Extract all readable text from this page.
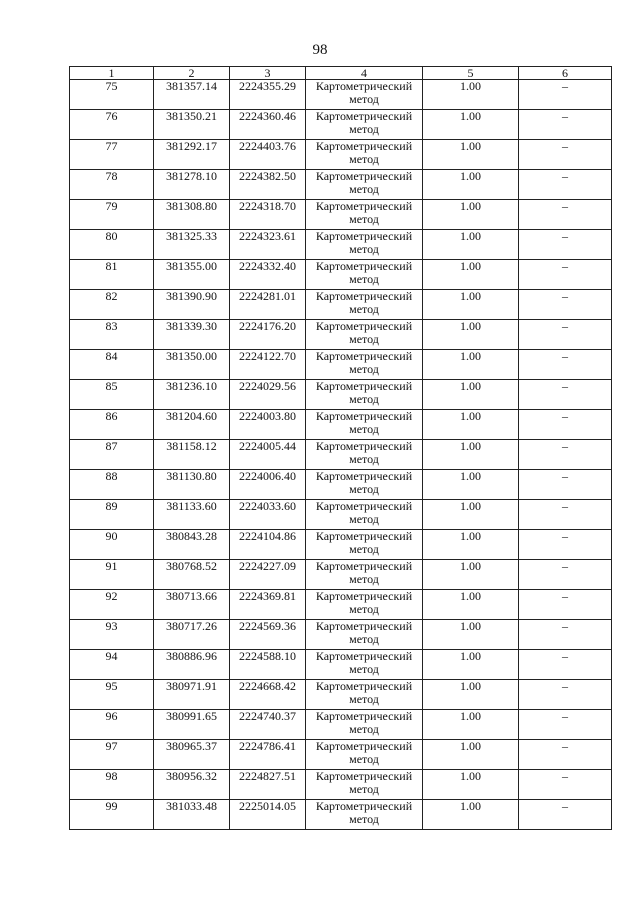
98
1	2	3	4	5	6
75	381357.14	2224355.29	Картометрический метод	1.00	–
76	381350.21	2224360.46	Картометрический метод	1.00	–
77	381292.17	2224403.76	Картометрический метод	1.00	–
78	381278.10	2224382.50	Картометрический метод	1.00	–
79	381308.80	2224318.70	Картометрический метод	1.00	–
80	381325.33	2224323.61	Картометрический метод	1.00	–
81	381355.00	2224332.40	Картометрический метод	1.00	–
82	381390.90	2224281.01	Картометрический метод	1.00	–
83	381339.30	2224176.20	Картометрический метод	1.00	–
84	381350.00	2224122.70	Картометрический метод	1.00	–
85	381236.10	2224029.56	Картометрический метод	1.00	–
86	381204.60	2224003.80	Картометрический метод	1.00	–
87	381158.12	2224005.44	Картометрический метод	1.00	–
88	381130.80	2224006.40	Картометрический метод	1.00	–
89	381133.60	2224033.60	Картометрический метод	1.00	–
90	380843.28	2224104.86	Картометрический метод	1.00	–
91	380768.52	2224227.09	Картометрический метод	1.00	–
92	380713.66	2224369.81	Картометрический метод	1.00	–
93	380717.26	2224569.36	Картометрический метод	1.00	–
94	380886.96	2224588.10	Картометрический метод	1.00	–
95	380971.91	2224668.42	Картометрический метод	1.00	–
96	380991.65	2224740.37	Картометрический метод	1.00	–
97	380965.37	2224786.41	Картометрический метод	1.00	–
98	380956.32	2224827.51	Картометрический метод	1.00	–
99	381033.48	2225014.05	Картометрический метод	1.00	–
